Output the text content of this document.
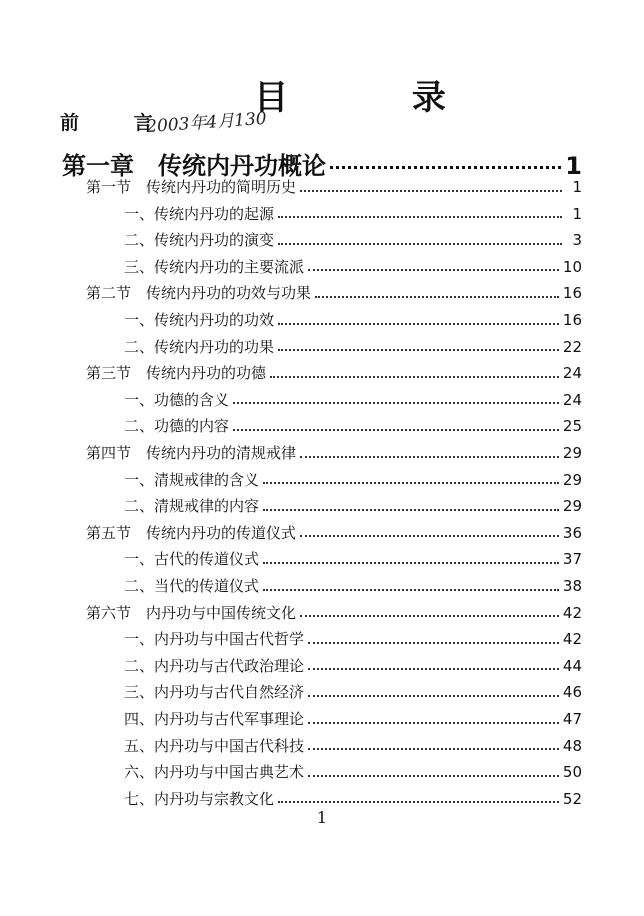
目 录
前 言
2003年4月130
第一章　传统内丹功概论	1
第一节　传统内丹功的简明历史	1
一、传统内丹功的起源	1
二、传统内丹功的演变	3
三、传统内丹功的主要流派	10
第二节　传统内丹功的功效与功果	16
一、传统内丹功的功效	16
二、传统内丹功的功果	22
第三节　传统内丹功的功德	24
一、功德的含义	24
二、功德的内容	25
第四节　传统内丹功的清规戒律	29
一、清规戒律的含义	29
二、清规戒律的内容	29
第五节　传统内丹功的传道仪式	36
一、古代的传道仪式	37
二、当代的传道仪式	38
第六节　内丹功与中国传统文化	42
一、内丹功与中国古代哲学	42
二、内丹功与古代政治理论	44
三、内丹功与古代自然经济	46
四、内丹功与古代军事理论	47
五、内丹功与中国古代科技	48
六、内丹功与中国古典艺术	50
七、内丹功与宗教文化	52
1
